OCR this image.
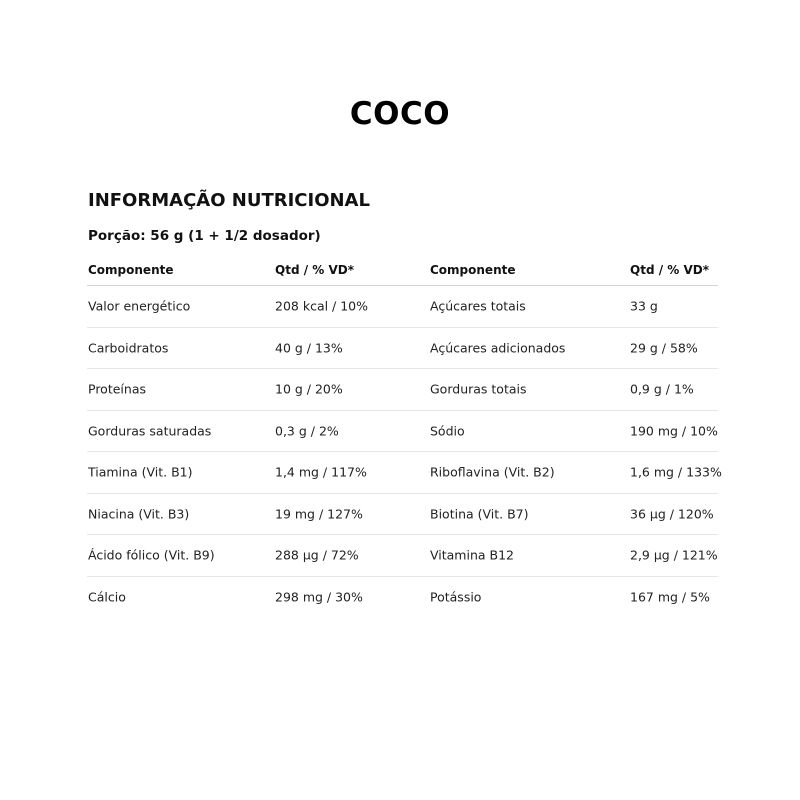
COCO
INFORMAÇÃO NUTRICIONAL
Porção: 56 g (1 + 1/2 dosador)
Componente	Qtd / % VD*	Componente	Qtd / % VD*
Valor energético	208 kcal / 10%	Açúcares totais	33 g
Carboidratos	40 g / 13%	Açúcares adicionados	29 g / 58%
Proteínas	10 g / 20%	Gorduras totais	0,9 g / 1%
Gorduras saturadas	0,3 g / 2%	Sódio	190 mg / 10%
Tiamina (Vit. B1)	1,4 mg / 117%	Riboflavina (Vit. B2)	1,6 mg / 133%
Niacina (Vit. B3)	19 mg / 127%	Biotina (Vit. B7)	36 µg / 120%
Ácido fólico (Vit. B9)	288 µg / 72%	Vitamina B12	2,9 µg / 121%
Cálcio	298 mg / 30%	Potássio	167 mg / 5%
